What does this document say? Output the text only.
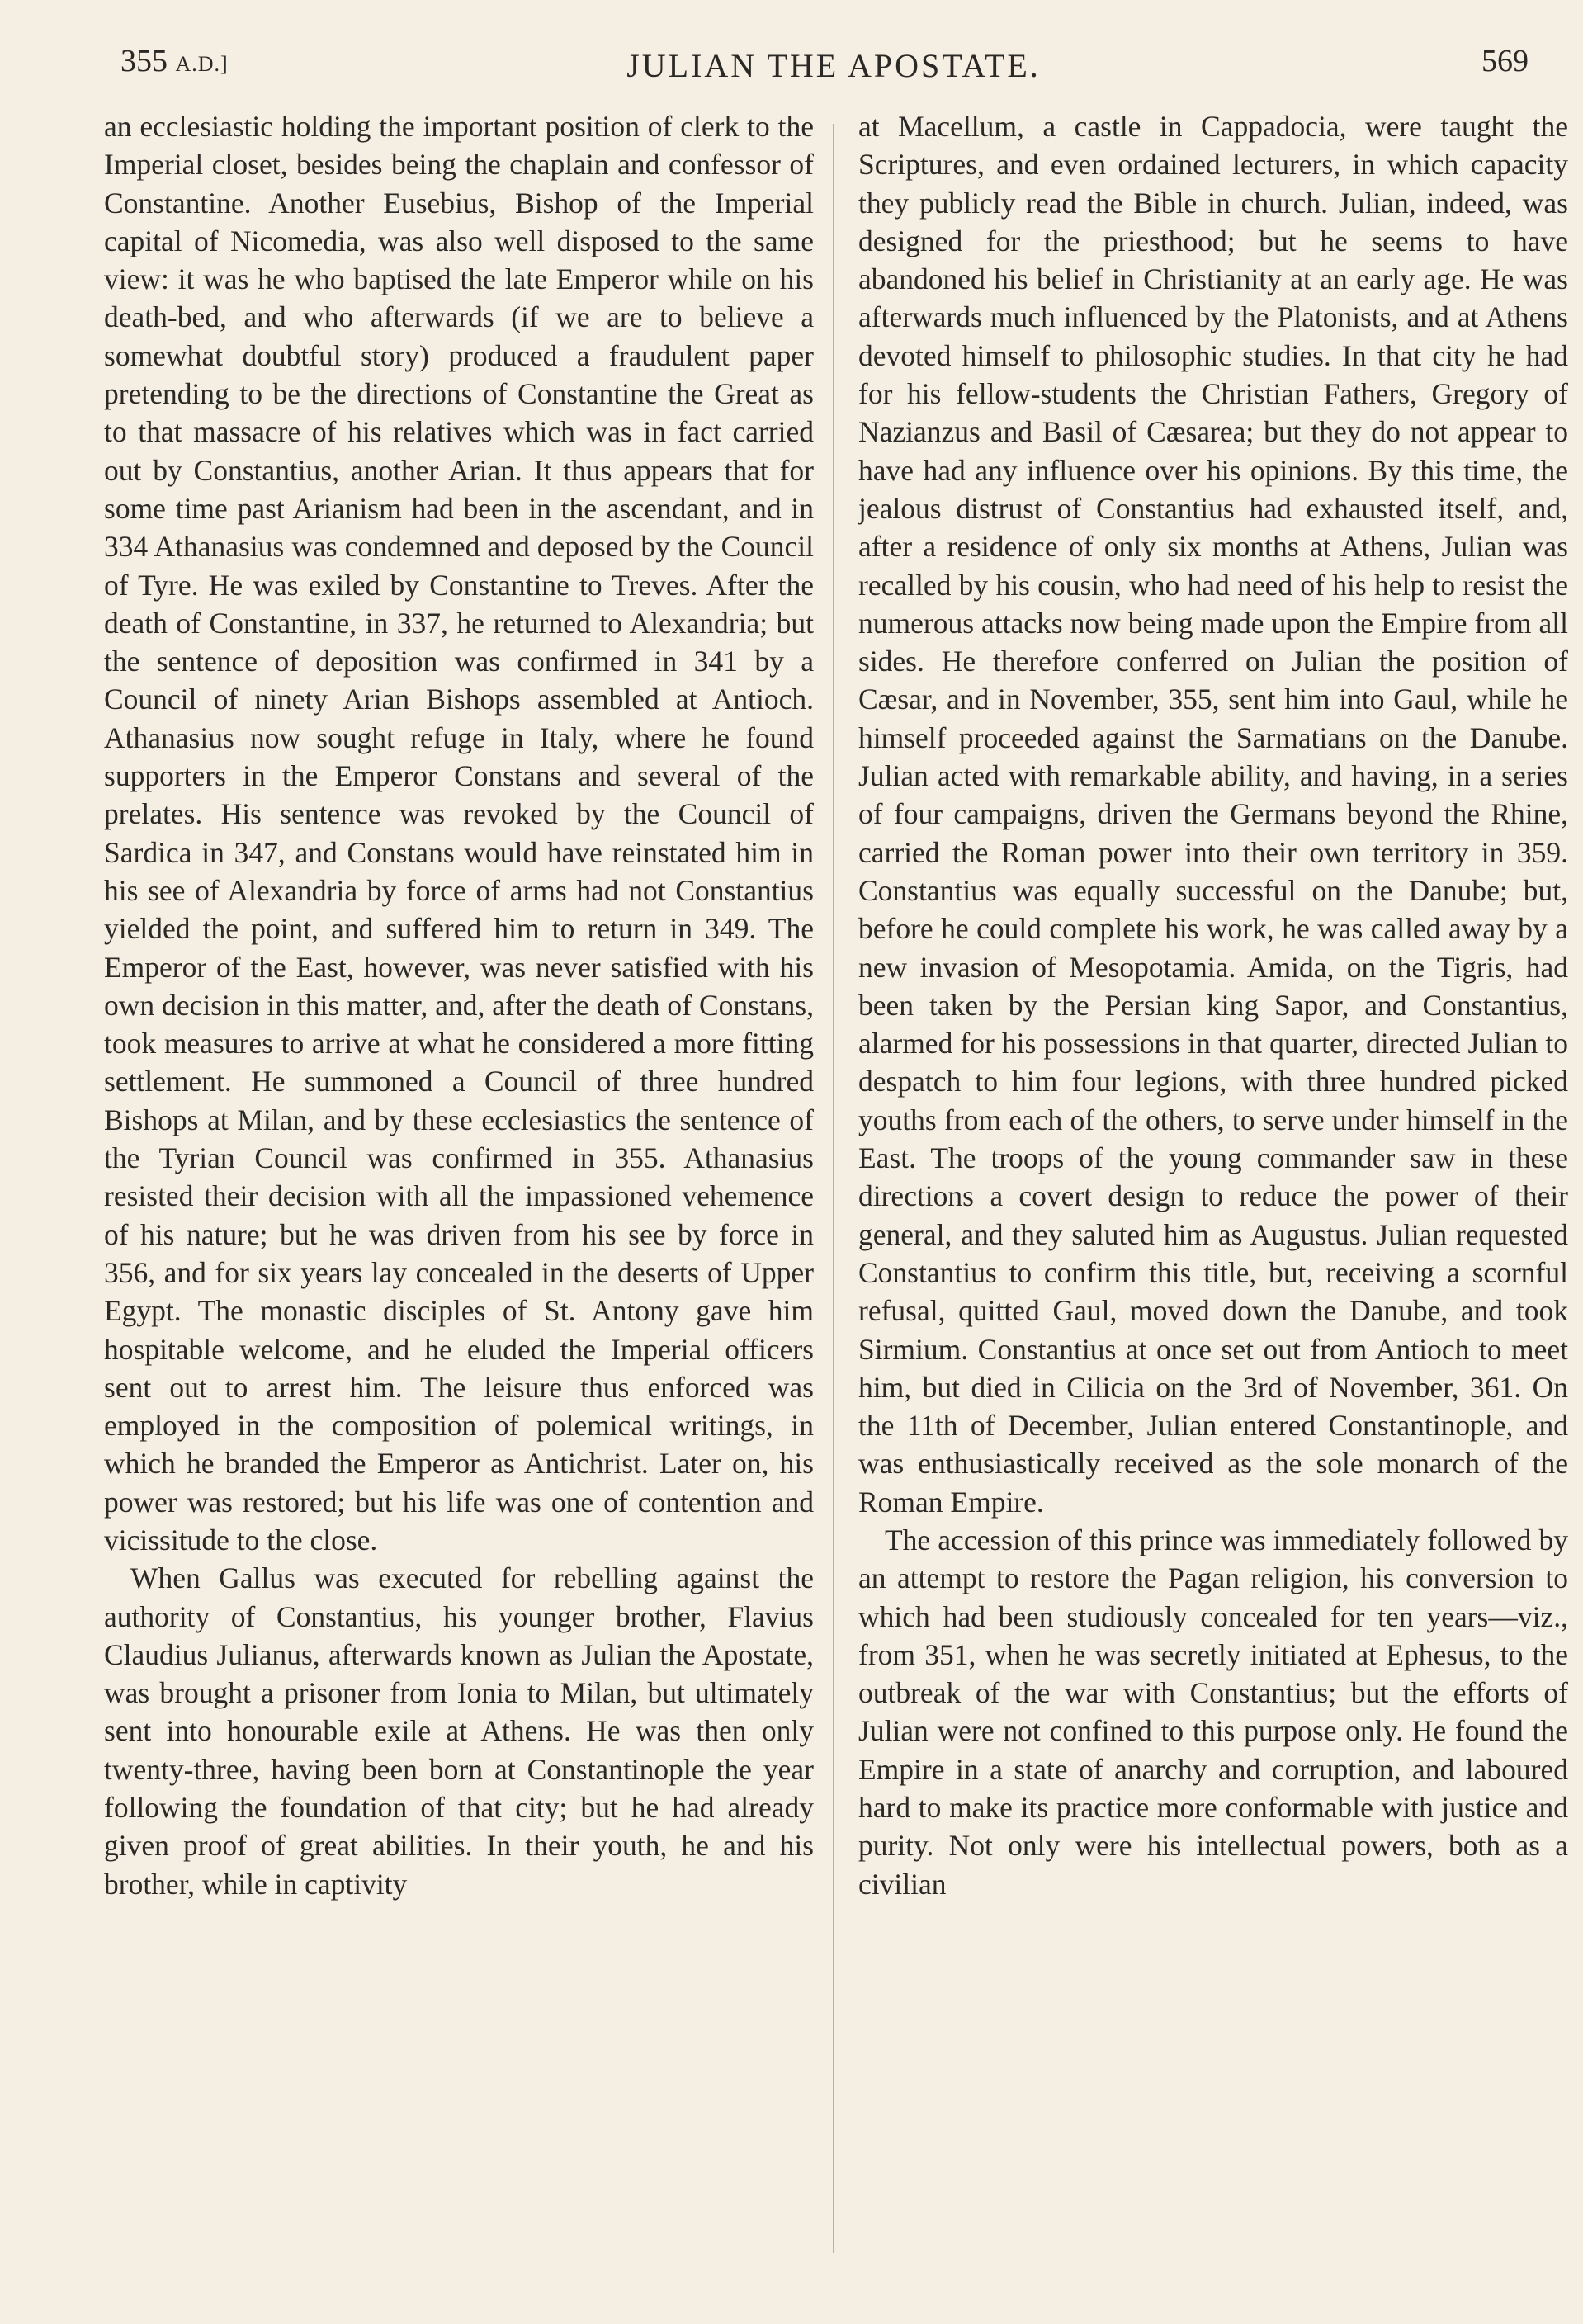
355 A.D.]	JULIAN THE APOSTATE.	569

an ecclesiastic holding the important position of clerk to the Imperial closet, besides being the chaplain and confessor of Constantine. Another Eusebius, Bishop of the Imperial capital of Nicomedia, was also well disposed to the same view: it was he who baptised the late Emperor while on his death-bed, and who afterwards (if we are to believe a somewhat doubtful story) produced a fraudulent paper pretending to be the directions of Constantine the Great as to that massacre of his relatives which was in fact carried out by Constantius, another Arian. It thus appears that for some time past Arianism had been in the ascendant, and in 334 Athanasius was condemned and deposed by the Council of Tyre. He was exiled by Constantine to Treves. After the death of Constantine, in 337, he returned to Alexandria; but the sentence of deposition was confirmed in 341 by a Council of ninety Arian Bishops assembled at Antioch. Athanasius now sought refuge in Italy, where he found supporters in the Emperor Constans and several of the prelates. His sentence was revoked by the Council of Sardica in 347, and Constans would have reinstated him in his see of Alexandria by force of arms had not Constantius yielded the point, and suffered him to return in 349. The Emperor of the East, however, was never satisfied with his own decision in this matter, and, after the death of Constans, took measures to arrive at what he considered a more fitting settlement. He summoned a Council of three hundred Bishops at Milan, and by these ecclesiastics the sentence of the Tyrian Council was confirmed in 355. Athanasius resisted their decision with all the impassioned vehemence of his nature; but he was driven from his see by force in 356, and for six years lay concealed in the deserts of Upper Egypt. The monastic disciples of St. Antony gave him hospitable welcome, and he eluded the Imperial officers sent out to arrest him. The leisure thus enforced was employed in the composition of polemical writings, in which he branded the Emperor as Antichrist. Later on, his power was restored; but his life was one of contention and vicissitude to the close.

When Gallus was executed for rebelling against the authority of Constantius, his younger brother, Flavius Claudius Julianus, afterwards known as Julian the Apostate, was brought a prisoner from Ionia to Milan, but ultimately sent into honourable exile at Athens. He was then only twenty-three, having been born at Constantinople the year following the foundation of that city; but he had already given proof of great abilities. In their youth, he and his brother, while in captivity

at Macellum, a castle in Cappadocia, were taught the Scriptures, and even ordained lecturers, in which capacity they publicly read the Bible in church. Julian, indeed, was designed for the priesthood; but he seems to have abandoned his belief in Christianity at an early age. He was afterwards much influenced by the Platonists, and at Athens devoted himself to philosophic studies. In that city he had for his fellow-students the Christian Fathers, Gregory of Nazianzus and Basil of Cæsarea; but they do not appear to have had any influence over his opinions. By this time, the jealous distrust of Constantius had exhausted itself, and, after a residence of only six months at Athens, Julian was recalled by his cousin, who had need of his help to resist the numerous attacks now being made upon the Empire from all sides. He therefore conferred on Julian the position of Cæsar, and in November, 355, sent him into Gaul, while he himself proceeded against the Sarmatians on the Danube. Julian acted with remarkable ability, and having, in a series of four campaigns, driven the Germans beyond the Rhine, carried the Roman power into their own territory in 359. Constantius was equally successful on the Danube; but, before he could complete his work, he was called away by a new invasion of Mesopotamia. Amida, on the Tigris, had been taken by the Persian king Sapor, and Constantius, alarmed for his possessions in that quarter, directed Julian to despatch to him four legions, with three hundred picked youths from each of the others, to serve under himself in the East. The troops of the young commander saw in these directions a covert design to reduce the power of their general, and they saluted him as Augustus. Julian requested Constantius to confirm this title, but, receiving a scornful refusal, quitted Gaul, moved down the Danube, and took Sirmium. Constantius at once set out from Antioch to meet him, but died in Cilicia on the 3rd of November, 361. On the 11th of December, Julian entered Constantinople, and was enthusiastically received as the sole monarch of the Roman Empire.

The accession of this prince was immediately followed by an attempt to restore the Pagan religion, his conversion to which had been studiously concealed for ten years—viz., from 351, when he was secretly initiated at Ephesus, to the outbreak of the war with Constantius; but the efforts of Julian were not confined to this purpose only. He found the Empire in a state of anarchy and corruption, and laboured hard to make its practice more conformable with justice and purity. Not only were his intellectual powers, both as a civilian
